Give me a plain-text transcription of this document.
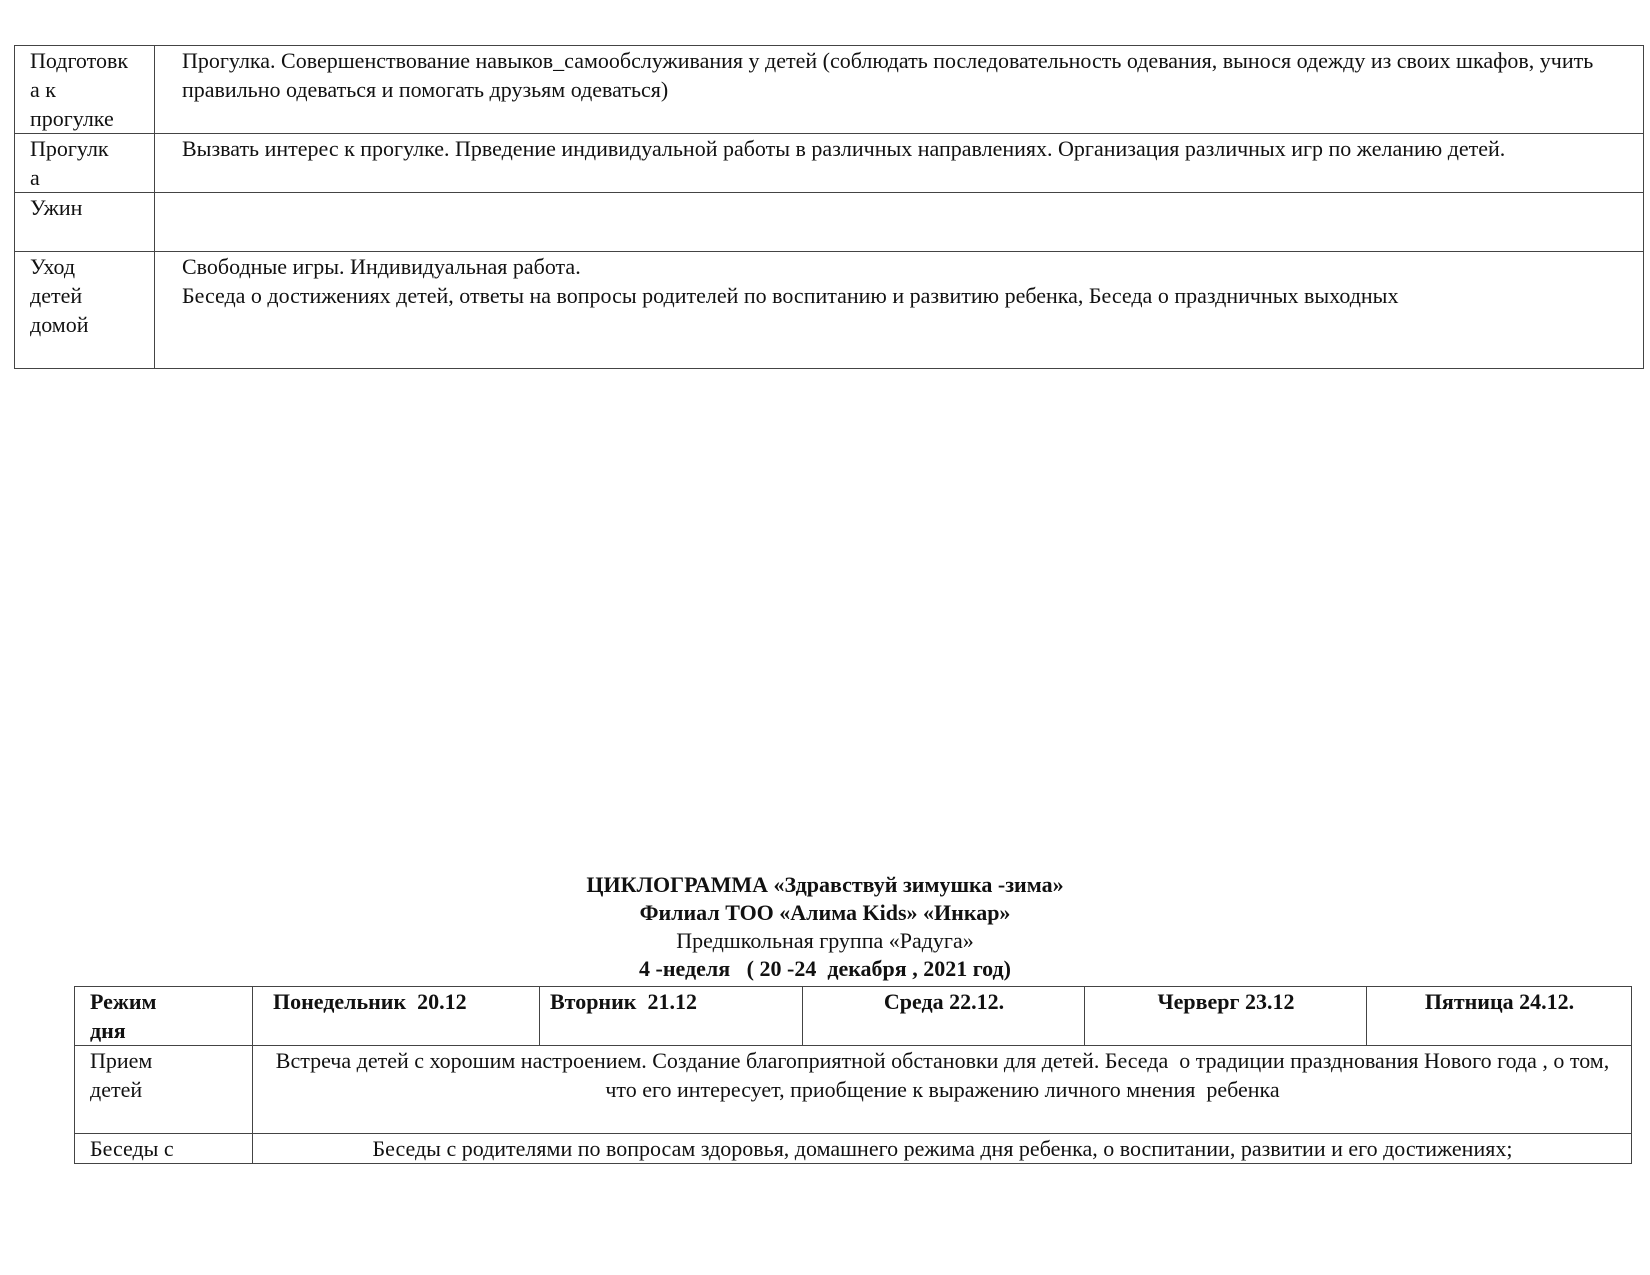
Подготовк
а к
прогулке	Прогулка. Совершенствование навыков_самообслуживания у детей (соблюдать последовательность одевания, вынося одежду из своих шкафов, учить правильно одеваться и помогать друзьям одеваться)
Прогулк
а	Вызвать интерес к прогулке. Прведение индивидуальной работы в различных направлениях. Организация различных игр по желанию детей.
Ужин	
Уход
детей
домой	Свободные игры. Индивидуальная работа.
Беседа о достижениях детей, ответы на вопросы родителей по воспитанию и развитию ребенка, Беседа о праздничных выходных
ЦИКЛОГРАММА «Здравствуй зимушка -зима»
Филиал ТОО «Алима Kids» «Инкар»
Предшкольная группа «Радуга»
4 -неделя   ( 20 -24  декабря , 2021 год)
Режим
дня	Понедельник  20.12	Вторник  21.12	Среда 22.12.	Черверг 23.12	Пятница 24.12.
Прием
детей	Встреча детей с хорошим настроением. Создание благоприятной обстановки для детей. Беседа  о традиции празднования Нового года , о том, что его интересует, приобщение к выражению личного мнения  ребенка				
Беседы с	Беседы с родителями по вопросам здоровья, домашнего режима дня ребенка, о воспитании, развитии и его достижениях;				
